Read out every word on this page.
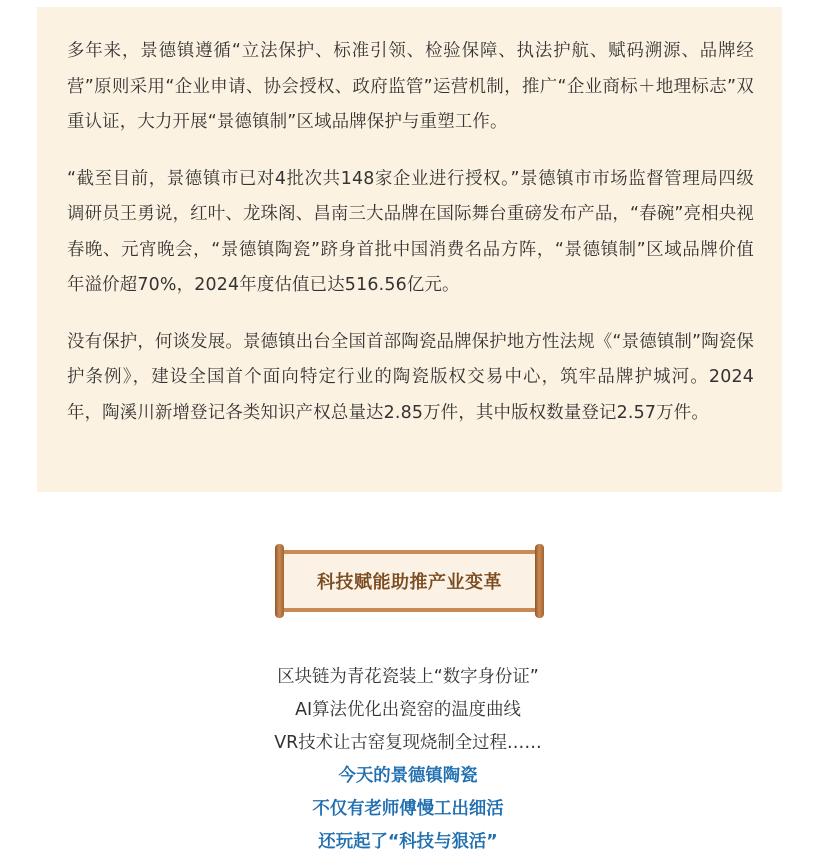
多年来，景德镇遵循“立法保护、标准引领、检验保障、执法护航、赋码溯源、品牌经营”原则采用“企业申请、协会授权、政府监管”运营机制，推广“企业商标＋地理标志”双重认证，大力开展“景德镇制”区域品牌保护与重塑工作。

“截至目前，景德镇市已对4批次共148家企业进行授权。”景德镇市市场监督管理局四级调研员王勇说，红叶、龙珠阁、昌南三大品牌在国际舞台重磅发布产品，“春碗”亮相央视春晚、元宵晚会，“景德镇陶瓷”跻身首批中国消费名品方阵，“景德镇制”区域品牌价值年溢价超70%，2024年度估值已达516.56亿元。

没有保护，何谈发展。景德镇出台全国首部陶瓷品牌保护地方性法规《“景德镇制”陶瓷保护条例》，建设全国首个面向特定行业的陶瓷版权交易中心，筑牢品牌护城河。2024年，陶溪川新增登记各类知识产权总量达2.85万件，其中版权数量登记2.57万件。

科技赋能助推产业变革
区块链为青花瓷装上“数字身份证”
AI算法优化出瓷窑的温度曲线
VR技术让古窑复现烧制全过程……
今天的景德镇陶瓷
不仅有老师傅慢工出细活
还玩起了“科技与狠活”
